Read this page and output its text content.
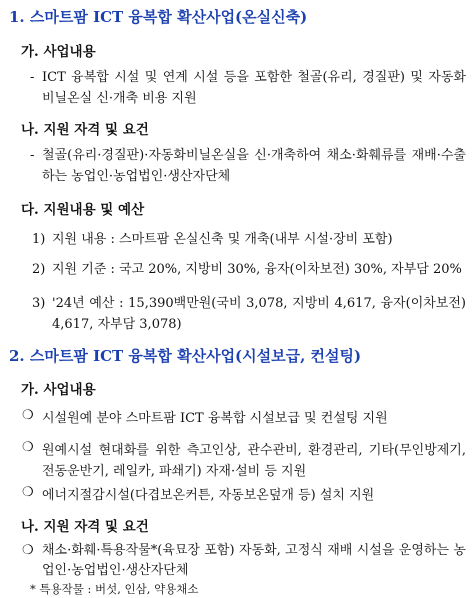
1. 스마트팜 ICT 융복합 확산사업(온실신축)
가. 사업내용
- ICT 융복합 시설 및 연계 시설 등을 포함한 철골(유리, 경질판) 및 자동화 비닐온실 신·개축 비용 지원
나. 지원 자격 및 요건
- 철골(유리·경질판)·자동화비닐온실을 신·개축하여 채소·화훼류를 재배·수출하는 농업인·농업법인·생산자단체
다. 지원내용 및 예산
1) 지원 내용 : 스마트팜 온실신축 및 개축(내부 시설·장비 포함)
2) 지원 기준 : 국고 20%, 지방비 30%, 융자(이차보전) 30%, 자부담 20%
3) '24년 예산 : 15,390백만원(국비 3,078, 지방비 4,617, 융자(이차보전) 4,617, 자부담 3,078)
2. 스마트팜 ICT 융복합 확산사업(시설보급, 컨설팅)
가. 사업내용
❍ 시설원예 분야 스마트팜 ICT 융복합 시설보급 및 컨설팅 지원
❍ 원예시설 현대화를 위한 측고인상, 관수관비, 환경관리, 기타(무인방제기, 전동운반기, 레일카, 파쇄기) 자재·설비 등 지원
❍ 에너지절감시설(다겹보온커튼, 자동보온덮개 등) 설치 지원
나. 지원 자격 및 요건
❍ 채소·화훼·특용작물*(육묘장 포함) 자동화, 고정식 재배 시설을 운영하는 농업인·농업법인·생산자단체
* 특용작물 : 버섯, 인삼, 약용채소
